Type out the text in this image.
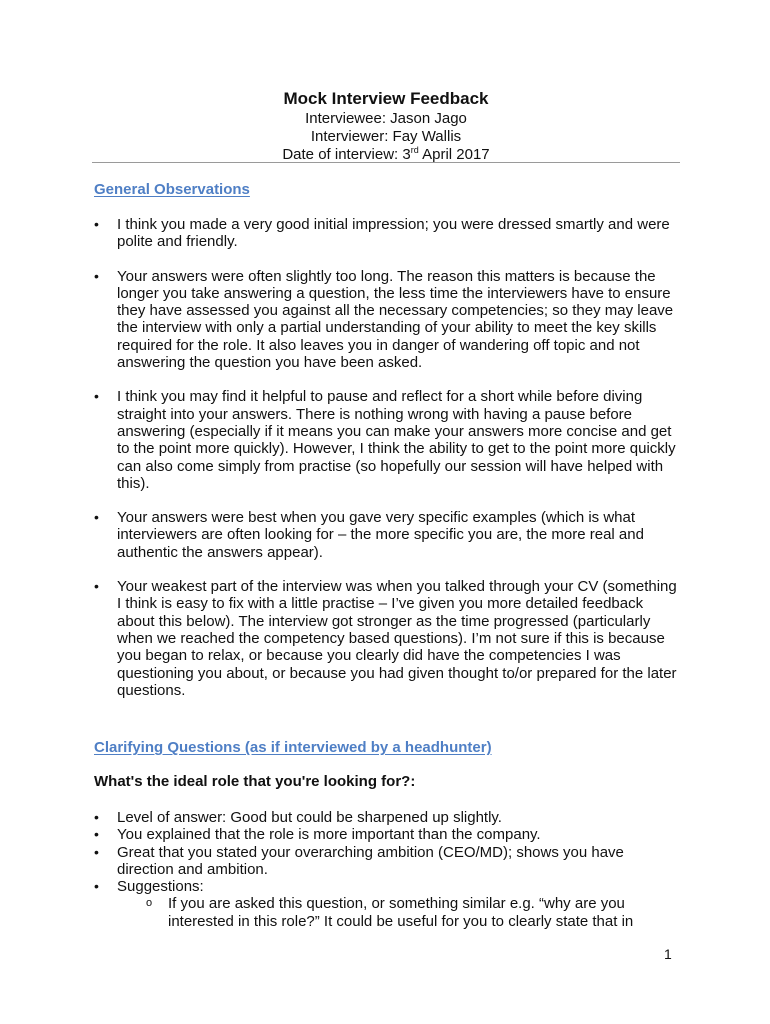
Mock Interview Feedback

Interviewee: Jason Jago

Interviewer: Fay Wallis

Date of interview: 3rd April 2017

General Observations
•	I think you made a very good initial impression; you were dressed smartly and were polite and friendly.
•	Your answers were often slightly too long. The reason this matters is because the longer you take answering a question, the less time the interviewers have to ensure they have assessed you against all the necessary competencies; so they may leave the interview with only a partial understanding of your ability to meet the key skills required for the role. It also leaves you in danger of wandering off topic and not answering the question you have been asked.
•	I think you may find it helpful to pause and reflect for a short while before diving straight into your answers. There is nothing wrong with having a pause before answering (especially if it means you can make your answers more concise and get to the point more quickly). However, I think the ability to get to the point more quickly can also come simply from practise (so hopefully our session will have helped with this).
•	Your answers were best when you gave very specific examples (which is what interviewers are often looking for – the more specific you are, the more real and authentic the answers appear).
•	Your weakest part of the interview was when you talked through your CV (something I think is easy to fix with a little practise – I’ve given you more detailed feedback about this below). The interview got stronger as the time progressed (particularly when we reached the competency based questions). I’m not sure if this is because you began to relax, or because you clearly did have the competencies I was questioning you about, or because you had given thought to/or prepared for the later questions.
Clarifying Questions (as if interviewed by a headhunter)
What's the ideal role that you're looking for?:
•	Level of answer: Good but could be sharpened up slightly.
•	You explained that the role is more important than the company.
•	Great that you stated your overarching ambition (CEO/MD); shows you have direction and ambition.
•	Suggestions:
o	If you are asked this question, or something similar e.g. “why are you interested in this role?” It could be useful for you to clearly state that in
1
